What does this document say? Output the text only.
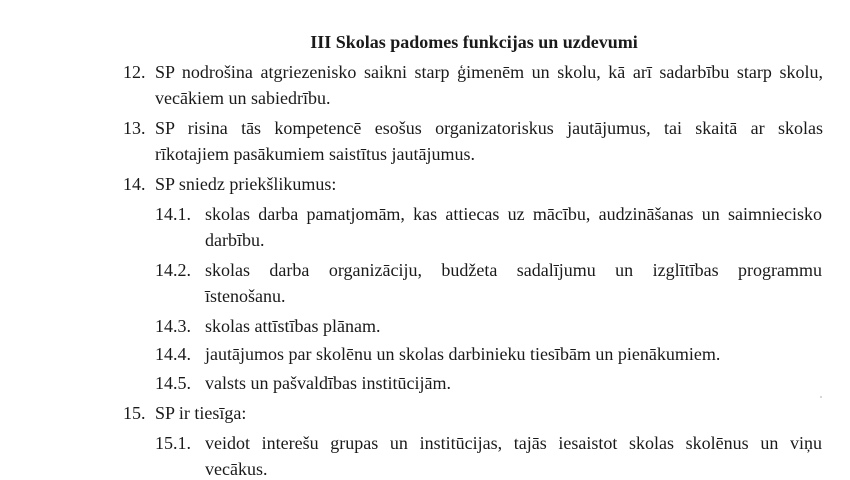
III Skolas padomes funkcijas un uzdevumi
12. SP nodrošina atgriezenisko saikni starp ģimenēm un skolu, kā arī sadarbību starp skolu,
vecākiem un sabiedrību.
13. SP risina tās kompetencē esošus organizatoriskus jautājumus, tai skaitā ar skolas
rīkotajiem pasākumiem saistītus jautājumus.
14. SP sniedz priekšlikumus:
14.1. skolas darba pamatjomām, kas attiecas uz mācību, audzināšanas un saimniecisko
darbību.
14.2. skolas darba organizāciju, budžeta sadalījumu un izglītības programmu
īstenošanu.
14.3. skolas attīstības plānam.
14.4. jautājumos par skolēnu un skolas darbinieku tiesībām un pienākumiem.
14.5. valsts un pašvaldības institūcijām.
15. SP ir tiesīga:
15.1. veidot interešu grupas un institūcijas, tajās iesaistot skolas skolēnus un viņu
vecākus.
